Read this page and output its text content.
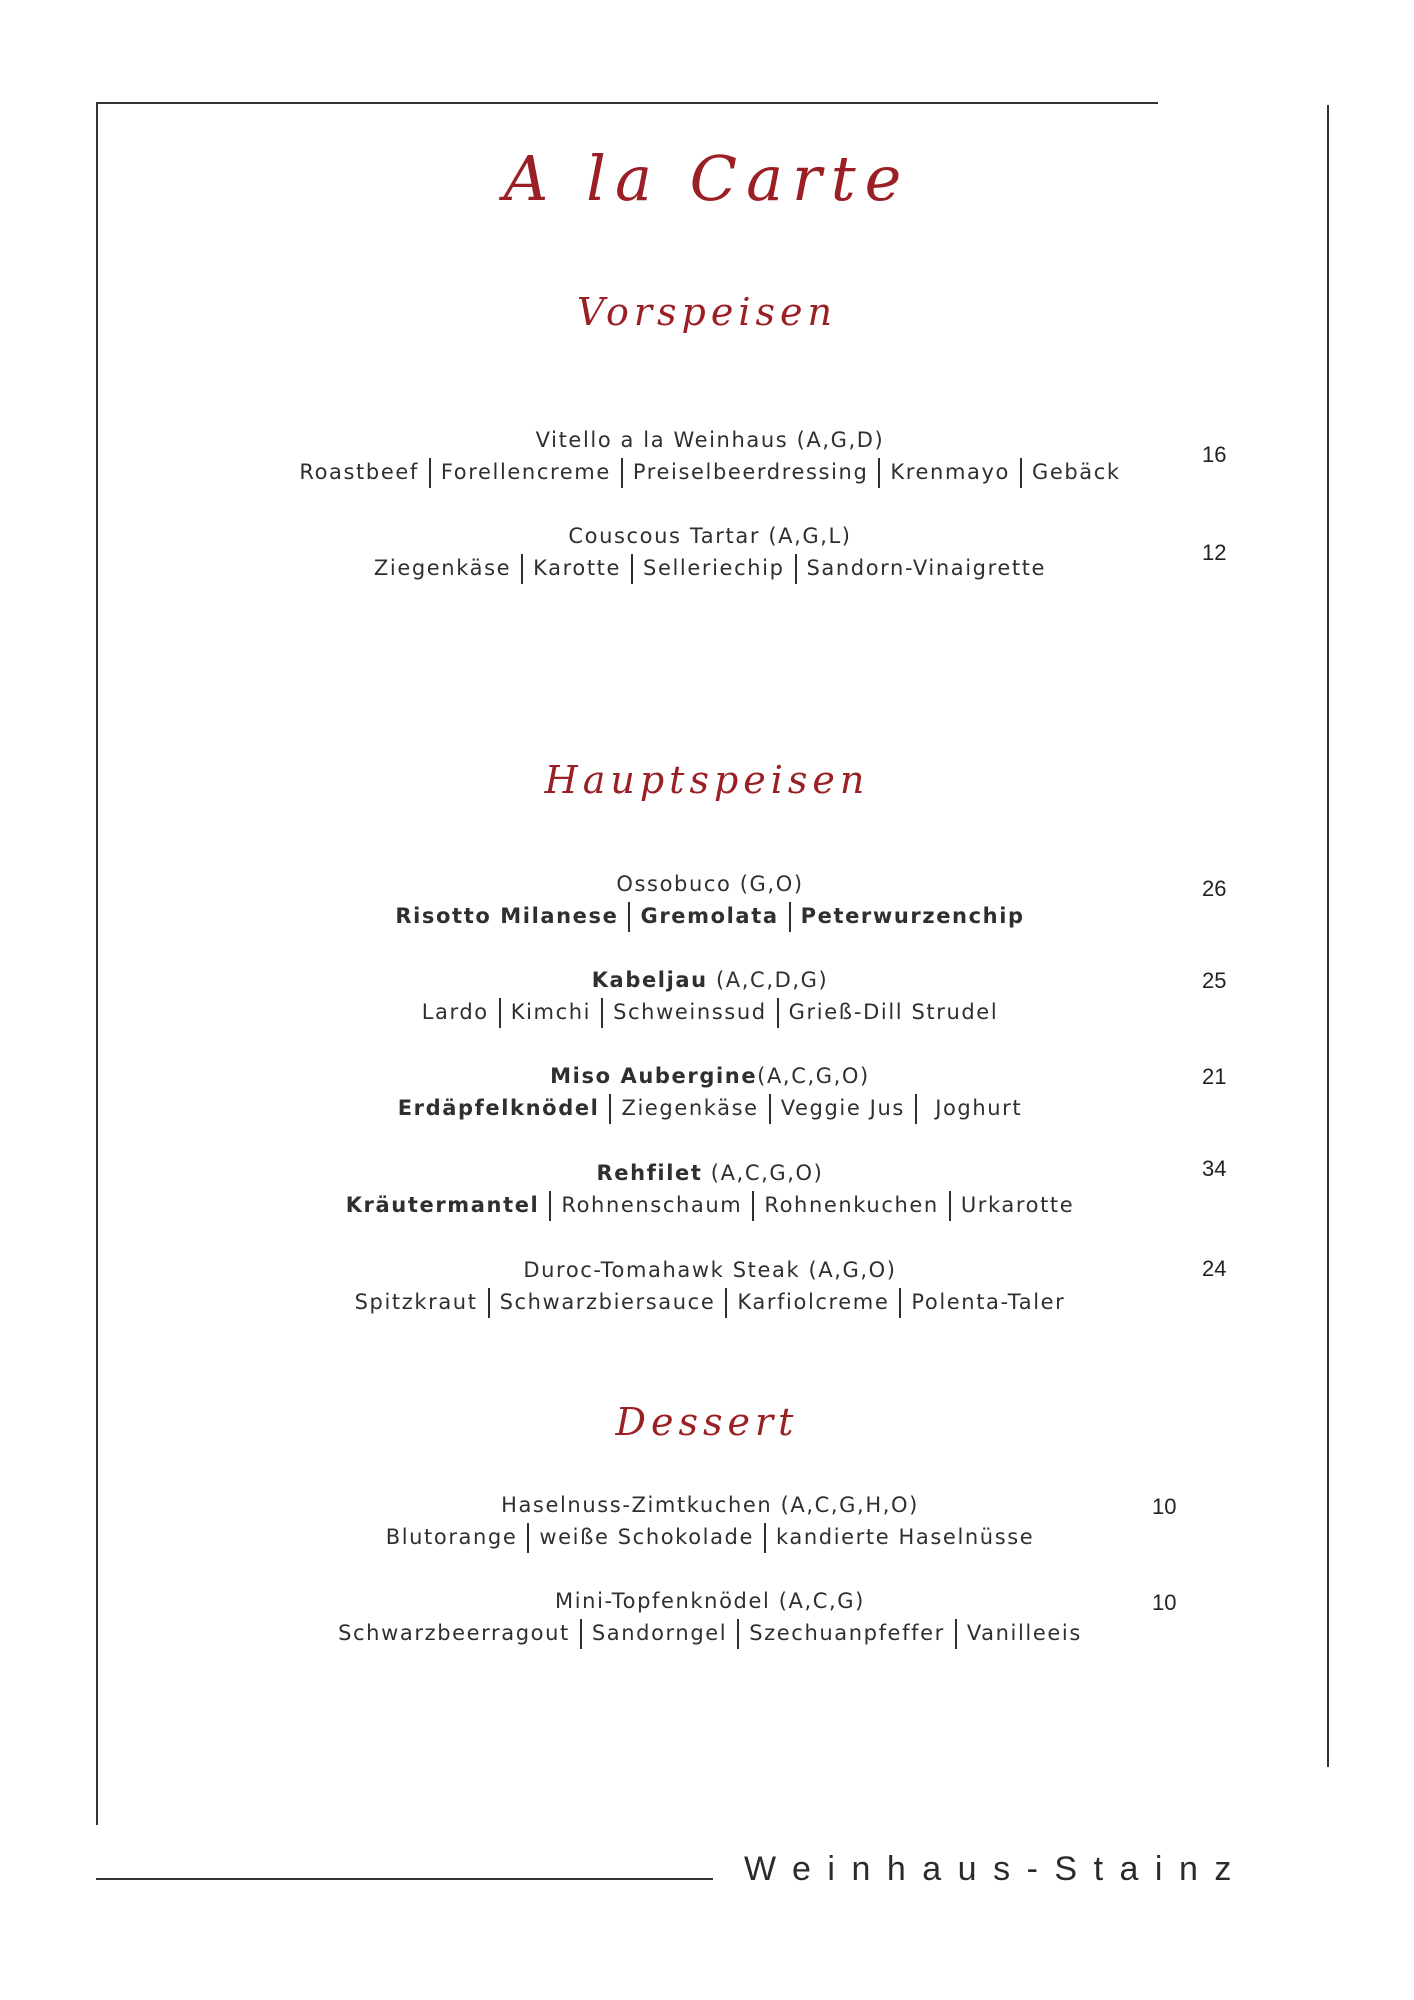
A la Carte
Vorspeisen
Vitello a la Weinhaus (A,G,D)
Roastbeef Forellencreme Preiselbeerdressing Krenmayo Gebäck
16
Couscous Tartar (A,G,L)
Ziegenkäse Karotte Selleriechip Sandorn-Vinaigrette
12
Hauptspeisen
Ossobuco (G,O)
Risotto Milanese Gremolata Peterwurzenchip
26
Kabeljau (A,C,D,G)
Lardo Kimchi Schweinssud Grieß-Dill Strudel
25
Miso Aubergine(A,C,G,O)
Erdäpfelknödel Ziegenkäse Veggie Jus Joghurt
21
Rehfilet (A,C,G,O)
Kräutermantel Rohnenschaum Rohnenkuchen Urkarotte
34
Duroc-Tomahawk Steak (A,G,O)
Spitzkraut Schwarzbiersauce Karfiolcreme Polenta-Taler
24
Dessert
Haselnuss-Zimtkuchen (A,C,G,H,O)
Blutorange weiße Schokolade kandierte Haselnüsse
10
Mini-Topfenknödel (A,C,G)
Schwarzbeerragout Sandorngel Szechuanpfeffer Vanilleeis
10
Weinhaus-Stainz
